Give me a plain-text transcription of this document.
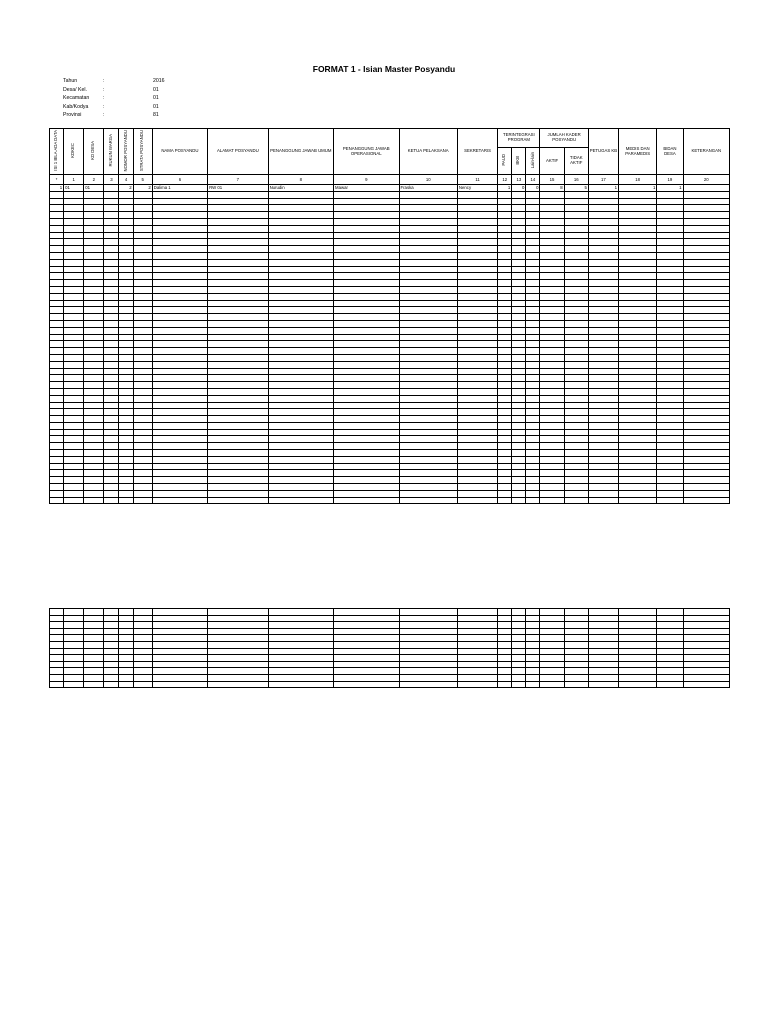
FORMAT 1 - Isian Master Posyandu
Tahun	:	2016
Desa/ Kel.	:	01
Kecamatan	:	01
Kab/Kodya	:	01
Provinsi	:	81
ISI 1 BILA ADA DATA	KDKEC	KD DESA	RUKUN WARGA	NOMOR POSYANDU	STRATA POSYANDU	NAMA POSYANDU	ALAMAT POSYANDU	PENANGGUNG JAWAB UMUM	PENANGGUNG JAWAB OPERASIONAL	KETUA PELAKSANA	SEKRETARIS	TERINTEGRASI PROGRAM			JUMLAH KADER POSYANDU		PETUGAS KB	MEDIS DAN PARAMEDIS	BIDAN DESA	KETERANGAN
												PAUD	BKB	Lain-lain	AKTIF	TIDAK AKTIF				
*	1	2	3	4	5	6	7	8	9	10	11	12	13	14	15	16	17	18	19	20
1	01	01		2	2	Dalima 1	RW 01	Nurudin	Mawar	Fraska	Nency	1	0	0	8	5	1	1	1	
